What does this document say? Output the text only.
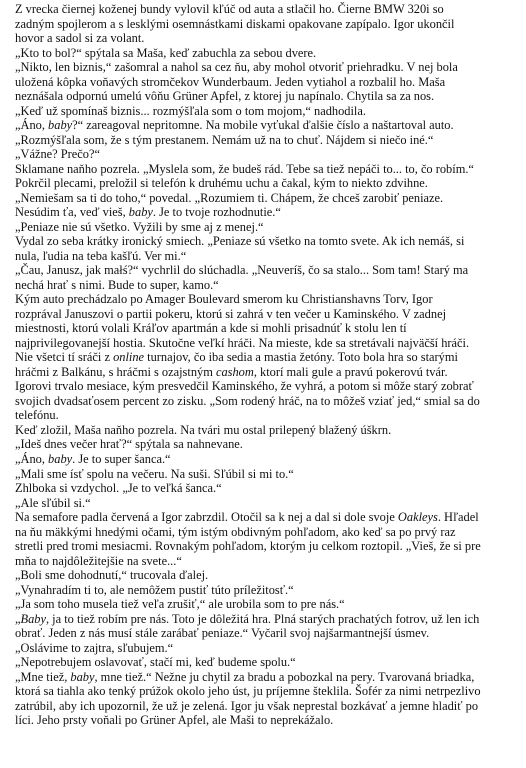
Z vrecka čiernej koženej bundy vylovil kľúč od auta a stlačil ho. Čierne BMW 320i so
zadným spojlerom a s lesklými osemnástkami diskami opakovane zapípalo. Igor ukončil
hovor a sadol si za volant.
„Kto to bol?“ spýtala sa Maša, keď zabuchla za sebou dvere.
„Nikto, len biznis,“ zašomral a nahol sa cez ňu, aby mohol otvoriť priehradku. V nej bola
uložená kôpka voňavých stromčekov Wunderbaum. Jeden vytiahol a rozbalil ho. Maša
neznášala odpornú umelú vôňu Grüner Apfel, z ktorej ju napínalo. Chytila sa za nos.
„Keď už spomínaš biznis... rozmýšľala som o tom mojom,“ nadhodila.
„Áno, baby?“ zareagoval nepritomne. Na mobile vyťukal ďalšie číslo a naštartoval auto.
„Rozmýšľala som, že s tým prestanem. Nemám už na to chuť. Nájdem si niečo iné.“
„Vážne? Prečo?“
Sklamane naňho pozrela. „Myslela som, že budeš rád. Tebe sa tiež nepáči to... to, čo robím.“
Pokrčil plecami, preložil si telefón k druhému uchu a čakal, kým to niekto zdvihne.
„Nemiešam sa ti do toho,“ povedal. „Rozumiem ti. Chápem, že chceš zarobiť peniaze.
Nesúdim ťa, veď vieš, baby. Je to tvoje rozhodnutie.“
„Peniaze nie sú všetko. Vyžili by sme aj z menej.“
Vydal zo seba krátky ironický smiech. „Peniaze sú všetko na tomto svete. Ak ich nemáš, si
nula, ľudia na teba kašľú. Ver mi.“
„Čau, Janusz, jak małś?“ vychrlil do slúchadla. „Neuveríš, čo sa stalo... Som tam! Starý ma
nechá hrať s nimi. Bude to super, kamo.“
Kým auto prechádzalo po Amager Boulevard smerom ku Christianshavns Torv, Igor
rozprával Januszovi o partii pokeru, ktorú si zahrá v ten večer u Kaminského. V zadnej
miestnosti, ktorú volali Kráľov apartmán a kde si mohli prisadnúť k stolu len tí
najprivilegovanejší hostia. Skutočne veľkí hráči. Na mieste, kde sa stretávali najväčší hráči.
Nie všetci tí sráči z online turnajov, čo iba sedia a mastia žetóny. Toto bola hra so starými
hráčmi z Balkánu, s hráčmi s ozajstným cashom, ktorí mali gule a pravú pokerovú tvár.
Igorovi trvalo mesiace, kým presvedčil Kaminského, že vyhrá, a potom si môže starý zobrať
svojich dvadsaťosem percent zo zisku. „Som rodený hráč, na to môžeš vziať jed,“ smial sa do
telefónu.
Keď zložil, Maša naňho pozrela. Na tvári mu ostal prilepený blažený úškrn.
„Ideš dnes večer hrať?“ spýtala sa nahnevane.
„Áno, baby. Je to super šanca.“
„Mali sme ísť spolu na večeru. Na suši. Sľúbil si mi to.“
Zhlboka si vzdychol. „Je to veľká šanca.“
„Ale sľúbil si.“
Na semafore padla červená a Igor zabrzdil. Otočil sa k nej a dal si dole svoje Oakleys. Hľadel
na ňu mäkkými hnedými očami, tým istým obdivným pohľadom, ako keď sa po prvý raz
stretli pred tromi mesiacmi. Rovnakým pohľadom, ktorým ju celkom roztopil. „Vieš, že si pre
mňa to najdôležitejšie na svete...“
„Boli sme dohodnutí,“ trucovala ďalej.
„Vynahradím ti to, ale nemôžem pustiť túto príležitosť.“
„Ja som toho musela tiež veľa zrušiť,“ ale urobila som to pre nás.“
„Baby, ja to tiež robím pre nás. Toto je dôležitá hra. Plná starých prachatých fotrov, už len ich
obrať. Jeden z nás musí stále zarábať peniaze.“ Vyčaril svoj najšarmantnejší úsmev.
„Oslávime to zajtra, sľubujem.“
„Nepotrebujem oslavovať, stačí mi, keď budeme spolu.“
„Mne tiež, baby, mne tiež.“ Nežne ju chytil za bradu a pobozkal na pery. Tvarovaná briadka,
ktorá sa tiahla ako tenký prúžok okolo jeho úst, ju príjemne šteklila. Šofér za nimi netrpezlivo
zatrúbil, aby ich upozornil, že už je zelená. Igor ju však neprestal bozkávať a jemne hladiť po
líci. Jeho prsty voňali po Grüner Apfel, ale Maši to neprekážalo.
